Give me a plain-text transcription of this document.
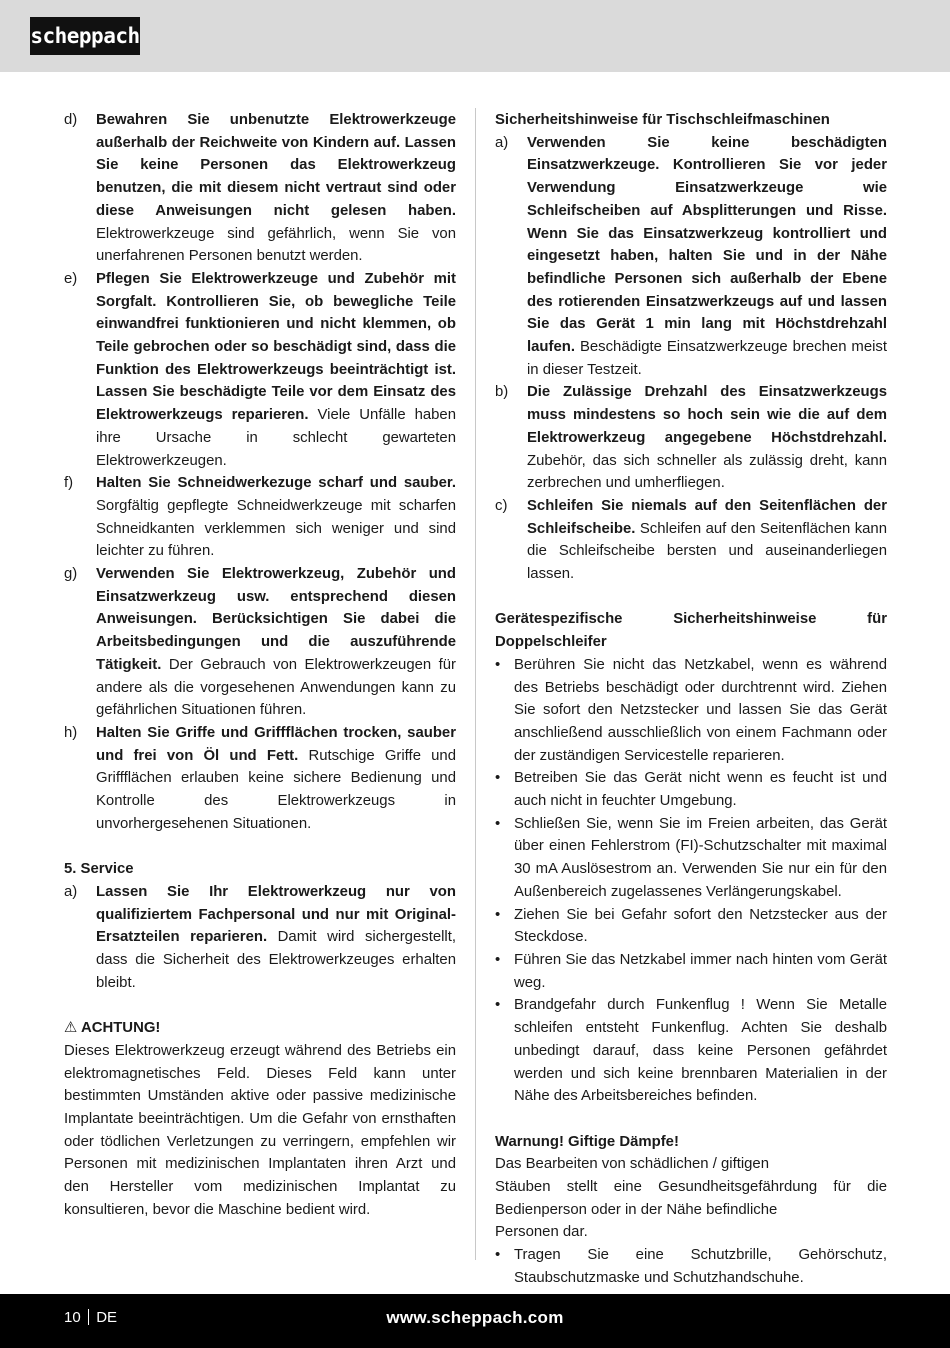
scheppach
d)	Bewahren Sie unbenutzte Elektrowerkzeuge außerhalb der Reichweite von Kindern auf. Lassen Sie keine Personen das Elektrowerkzeug benutzen, die mit diesem nicht vertraut sind oder diese Anweisungen nicht gelesen haben. Elektrowerkzeuge sind gefährlich, wenn Sie von unerfahrenen Personen benutzt werden.
e)	Pflegen Sie Elektrowerkzeuge und Zubehör mit Sorgfalt. Kontrollieren Sie, ob bewegliche Teile einwandfrei funktionieren und nicht klemmen, ob Teile gebrochen oder so beschädigt sind, dass die Funktion des Elektrowerkzeugs beeinträchtigt ist. Lassen Sie beschädigte Teile vor dem Einsatz des Elektrowerkzeugs reparieren. Viele Unfälle haben ihre Ursache in schlecht gewarteten Elektrowerkzeugen.
f)	Halten Sie Schneidwerkezuge scharf und sauber. Sorgfältig gepflegte Schneidwerkzeuge mit scharfen Schneidkanten verklemmen sich weniger und sind leichter zu führen.
g)	Verwenden Sie Elektrowerkzeug, Zubehör und Einsatzwerkzeug usw. entsprechend diesen Anweisungen. Berücksichtigen Sie dabei die Arbeitsbedingungen und die auszuführende Tätigkeit. Der Gebrauch von Elektrowerkzeugen für andere als die vorgesehenen Anwendungen kann zu gefährlichen Situationen führen.
h)	Halten Sie Griffe und Griffflächen trocken, sauber und frei von Öl und Fett. Rutschige Griffe und Griffflächen erlauben keine sichere Bedienung und Kontrolle des Elektrowerkzeugs in unvorhergesehenen Situationen.
5. Service
a)	Lassen Sie Ihr Elektrowerkzeug nur von qualifiziertem Fachpersonal und nur mit Original-Ersatzteilen reparieren. Damit wird sichergestellt, dass die Sicherheit des Elektrowerkzeuges erhalten bleibt.
⚠ ACHTUNG!
Dieses Elektrowerkzeug erzeugt während des Betriebs ein elektromagnetisches Feld. Dieses Feld kann unter bestimmten Umständen aktive oder passive medizinische Implantate beeinträchtigen. Um die Gefahr von ernsthaften oder tödlichen Verletzungen zu verringern, empfehlen wir Personen mit medizinischen Implantaten ihren Arzt und den Hersteller vom medizinischen Implantat zu konsultieren, bevor die Maschine bedient wird.
Sicherheitshinweise für Tischschleifmaschinen
a)	Verwenden Sie keine beschädigten Einsatzwerkzeuge. Kontrollieren Sie vor jeder Verwendung Einsatzwerkzeuge wie Schleifscheiben auf Absplitterungen und Risse. Wenn Sie das Einsatzwerkzeug kontrolliert und eingesetzt haben, halten Sie und in der Nähe befindliche Personen sich außerhalb der Ebene des rotierenden Einsatzwerkzeugs auf und lassen Sie das Gerät 1 min lang mit Höchstdrehzahl laufen. Beschädigte Einsatzwerkzeuge brechen meist in dieser Testzeit.
b)	Die Zulässige Drehzahl des Einsatzwerkzeugs muss mindestens so hoch sein wie die auf dem Elektrowerkzeug angegebene Höchstdrehzahl. Zubehör, das sich schneller als zulässig dreht, kann zerbrechen und umherfliegen.
c)	Schleifen Sie niemals auf den Seitenflächen der Schleifscheibe. Schleifen auf den Seitenflächen kann die Schleifscheibe bersten und auseinanderliegen lassen.
Gerätespezifische Sicherheitshinweise für Doppelschleifer
• Berühren Sie nicht das Netzkabel, wenn es während des Betriebs beschädigt oder durchtrennt wird. Ziehen Sie sofort den Netzstecker und lassen Sie das Gerät anschließend ausschließlich von einem Fachmann oder der zuständigen Servicestelle reparieren.
• Betreiben Sie das Gerät nicht wenn es feucht ist und auch nicht in feuchter Umgebung.
• Schließen Sie, wenn Sie im Freien arbeiten, das Gerät über einen Fehlerstrom (FI)-Schutzschalter mit maximal 30 mA Auslösestrom an. Verwenden Sie nur ein für den Außenbereich zugelassenes Verlängerungskabel.
• Ziehen Sie bei Gefahr sofort den Netzstecker aus der Steckdose.
• Führen Sie das Netzkabel immer nach hinten vom Gerät weg.
• Brandgefahr durch Funkenflug ! Wenn Sie Metalle schleifen entsteht Funkenflug. Achten Sie deshalb unbedingt darauf, dass keine Personen gefährdet werden und sich keine brennbaren Materialien in der Nähe des Arbeitsbereiches befinden.
Warnung! Giftige Dämpfe!
Das Bearbeiten von schädlichen / giftigen
Stäuben stellt eine Gesundheitsgefährdung für die Bedienperson oder in der Nähe befindliche
Personen dar.
• Tragen Sie eine Schutzbrille, Gehörschutz, Staubschutzmaske und Schutzhandschuhe.
10 DE	www.scheppach.com
